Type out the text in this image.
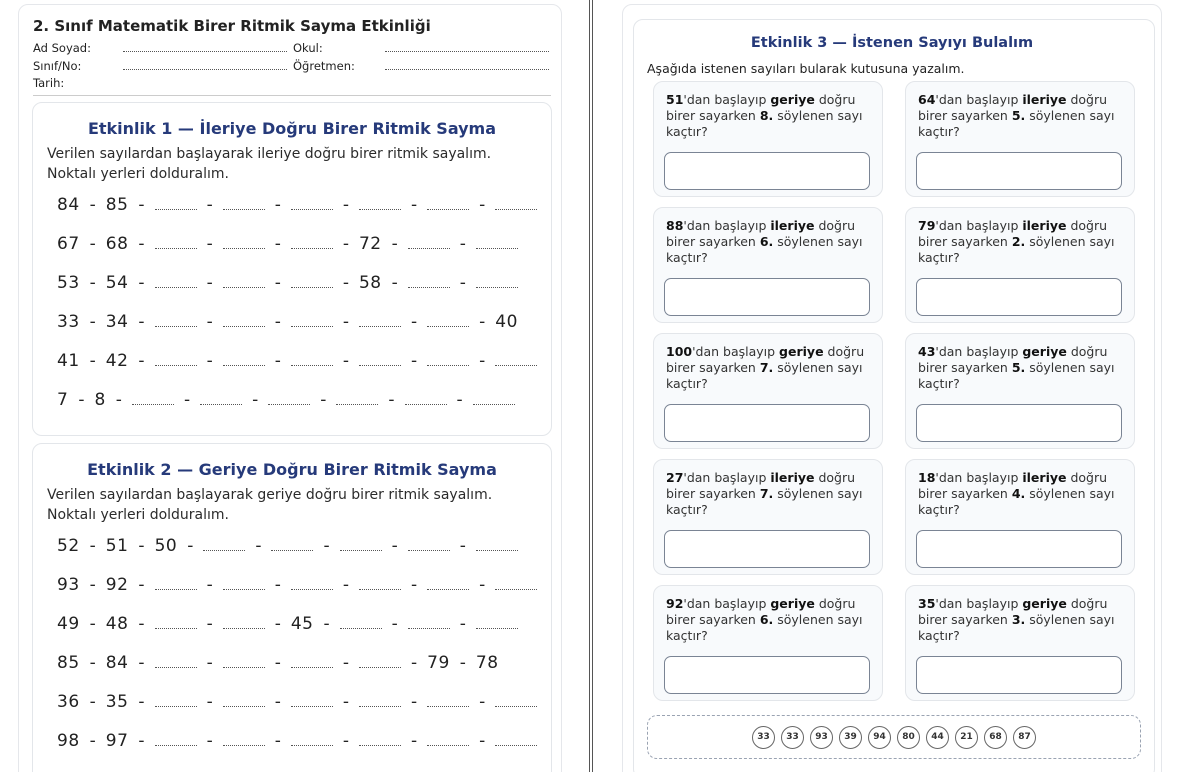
2. Sınıf Matematik Birer Ritmik Sayma Etkinliği
Ad Soyad:	Okul:
Sınıf/No:	Öğretmen:
Tarih:
Etkinlik 1 — İleriye Doğru Birer Ritmik Sayma
Verilen sayılardan başlayarak ileriye doğru birer ritmik sayalım. Noktalı yerleri dolduralım.
84 - 85 -	-	-	-	-	-
67 - 68 -	-	-	- 72 -	-
53 - 54 -	-	-	- 58 -	-
33 - 34 -	-	-	-	-	- 40
41 - 42 -	-	-	-	-	-
7 - 8 -	-	-	-	-	-
Etkinlik 2 — Geriye Doğru Birer Ritmik Sayma
Verilen sayılardan başlayarak geriye doğru birer ritmik sayalım. Noktalı yerleri dolduralım.
52 - 51 - 50 -	-	-	-	-
93 - 92 -	-	-	-	-	-
49 - 48 -	-	- 45 -	-	-
85 - 84 -	-	-	-	- 79 - 78
36 - 35 -	-	-	-	-	-
98 - 97 -	-	-	-	-	-
Etkinlik 3 — İstenen Sayıyı Bulalım
Aşağıda istenen sayıları bularak kutusuna yazalım.
51'dan başlayıp geriye doğru birer sayarken 8. söylenen sayı kaçtır?
64'dan başlayıp ileriye doğru birer sayarken 5. söylenen sayı kaçtır?
88'dan başlayıp ileriye doğru birer sayarken 6. söylenen sayı kaçtır?
79'dan başlayıp ileriye doğru birer sayarken 2. söylenen sayı kaçtır?
100'dan başlayıp geriye doğru birer sayarken 7. söylenen sayı kaçtır?
43'dan başlayıp geriye doğru birer sayarken 5. söylenen sayı kaçtır?
27'dan başlayıp ileriye doğru birer sayarken 7. söylenen sayı kaçtır?
18'dan başlayıp ileriye doğru birer sayarken 4. söylenen sayı kaçtır?
92'dan başlayıp geriye doğru birer sayarken 6. söylenen sayı kaçtır?
35'dan başlayıp geriye doğru birer sayarken 3. söylenen sayı kaçtır?
33	33	93	39	94	80	44	21	68	87
